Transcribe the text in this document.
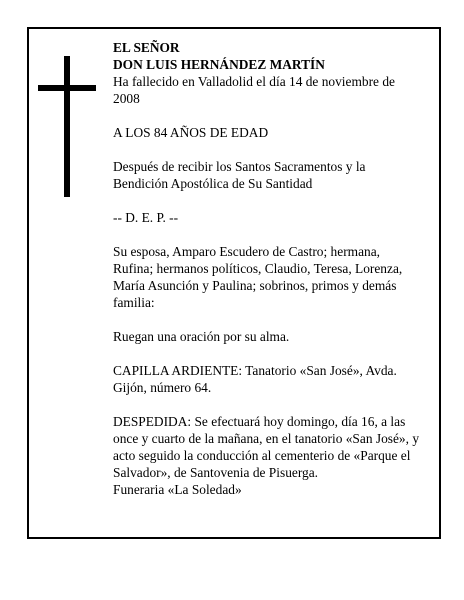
EL SEÑOR
DON LUIS HERNÁNDEZ MARTÍN
Ha fallecido en Valladolid el día 14 de noviembre de
2008
A LOS 84 AÑOS DE EDAD
Después de recibir los Santos Sacramentos y la
Bendición Apostólica de Su Santidad
-- D. E. P. --
Su esposa, Amparo Escudero de Castro; hermana,
Rufina; hermanos políticos, Claudio, Teresa, Lorenza,
María Asunción y Paulina; sobrinos, primos y demás
familia:
Ruegan una oración por su alma.
CAPILLA ARDIENTE: Tanatorio «San José», Avda.
Gijón, número 64.
DESPEDIDA: Se efectuará hoy domingo, día 16, a las
once y cuarto de la mañana, en el tanatorio «San José», y
acto seguido la conducción al cementerio de «Parque el
Salvador», de Santovenia de Pisuerga.
Funeraria «La Soledad»
